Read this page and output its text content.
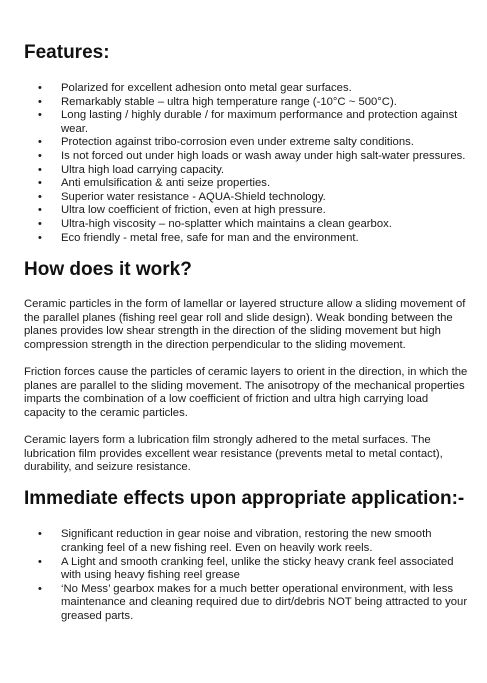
Features:
• Polarized for excellent adhesion onto metal gear surfaces.
• Remarkably stable – ultra high temperature range (-10°C ~ 500°C).
• Long lasting / highly durable / for maximum performance and protection against wear.
• Protection against tribo-corrosion even under extreme salty conditions.
• Is not forced out under high loads or wash away under high salt-water pressures.
• Ultra high load carrying capacity.
• Anti emulsification & anti seize properties.
• Superior water resistance - AQUA-Shield technology.
• Ultra low coefficient of friction, even at high pressure.
• Ultra-high viscosity – no-splatter which maintains a clean gearbox.
• Eco friendly - metal free, safe for man and the environment.
How does it work?

Ceramic particles in the form of lamellar or layered structure allow a sliding movement of the parallel planes (fishing reel gear roll and slide design). Weak bonding between the planes provides low shear strength in the direction of the sliding movement but high compression strength in the direction perpendicular to the sliding movement.

Friction forces cause the particles of ceramic layers to orient in the direction, in which the planes are parallel to the sliding movement. The anisotropy of the mechanical properties imparts the combination of a low coefficient of friction and ultra high carrying load capacity to the ceramic particles.

Ceramic layers form a lubrication film strongly adhered to the metal surfaces. The lubrication film provides excellent wear resistance (prevents metal to metal contact), durability, and seizure resistance.

Immediate effects upon appropriate application:-
• Significant reduction in gear noise and vibration, restoring the new smooth cranking feel of a new fishing reel. Even on heavily work reels.
• A Light and smooth cranking feel, unlike the sticky heavy crank feel associated with using heavy fishing reel grease
• ‘No Mess’ gearbox makes for a much better operational environment, with less maintenance and cleaning required due to dirt/debris NOT being attracted to your greased parts.
